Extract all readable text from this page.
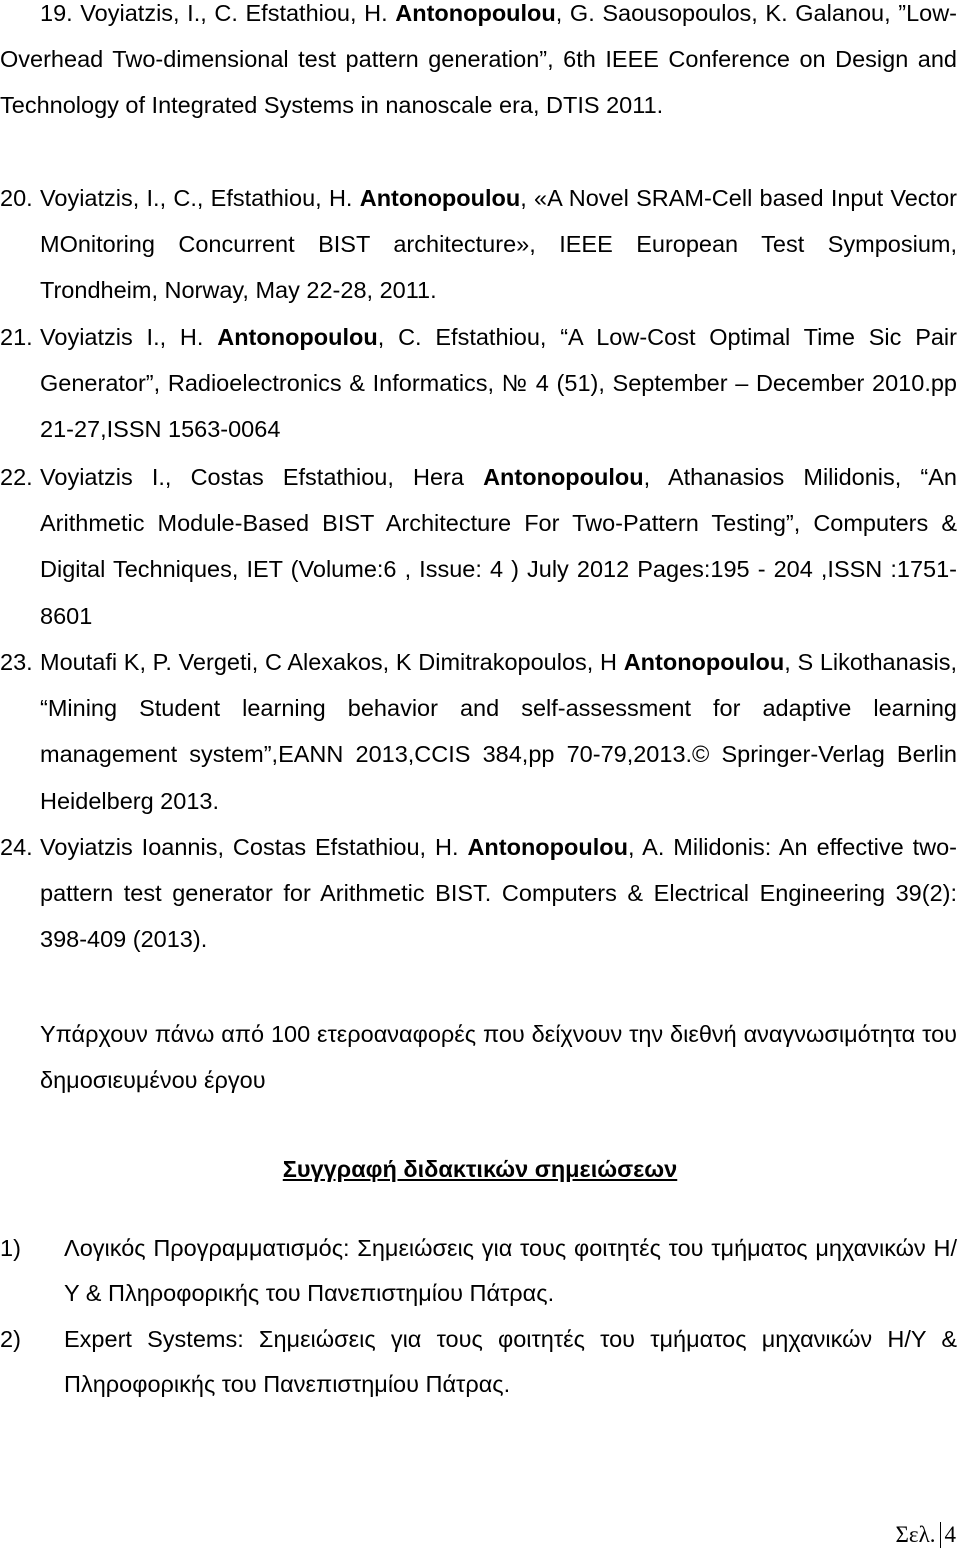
19. Voyiatzis, I., C. Efstathiou, H. Antonopoulou, G. Saousopoulos, K. Galanou, ”Low-Overhead Two-dimensional test pattern generation”, 6th IEEE Conference on Design and Technology of Integrated Systems in nanoscale era, DTIS 2011.
20. Voyiatzis, I., C., Efstathiou, H. Antonopoulou, «A Novel SRAM-Cell based Input Vector MOnitoring Concurrent BIST architecture», IEEE European Test Symposium, Trondheim, Norway, May 22-28, 2011.
21. Voyiatzis I., H. Antonopoulou, C. Efstathiou, “A Low-Cost Optimal Time Sic Pair Generator”, Radioelectronics & Informatics, № 4 (51), September – December 2010.pp 21-27,ISSN 1563-0064
22. Voyiatzis I., Costas Efstathiou, Hera Antonopoulou, Athanasios Milidonis, “An Arithmetic Module-Based BIST Architecture For Two-Pattern Testing”, Computers & Digital Techniques, IET (Volume:6 , Issue: 4 ) July 2012 Pages:195 - 204 ,ISSN :1751-8601
23. Moutafi K, P. Vergeti, C Alexakos, K Dimitrakopoulos, H Antonopoulou, S Likothanasis, “Mining Student learning behavior and self-assessment for adaptive learning management system”,EANN 2013,CCIS 384,pp 70-79,2013.© Springer-Verlag Berlin Heidelberg 2013.
24. Voyiatzis Ioannis, Costas Efstathiou, H. Antonopoulou, A. Milidonis: An effective two-pattern test generator for Arithmetic BIST. Computers & Electrical Engineering 39(2): 398-409 (2013).
Υπάρχουν πάνω από 100 ετεροαναφορές που δείχνουν την διεθνή αναγνωσιμότητα του δημοσιευμένου έργου
Συγγραφή διδακτικών σημειώσεων
1) Λογικός Προγραμματισμός: Σημειώσεις για τους φοιτητές του τμήματος μηχανικών Η/Υ & Πληροφορικής του Πανεπιστημίου Πάτρας.
2) Expert Systems: Σημειώσεις για τους φοιτητές του τμήματος μηχανικών Η/Υ & Πληροφορικής του Πανεπιστημίου Πάτρας.
Σελ. 4
